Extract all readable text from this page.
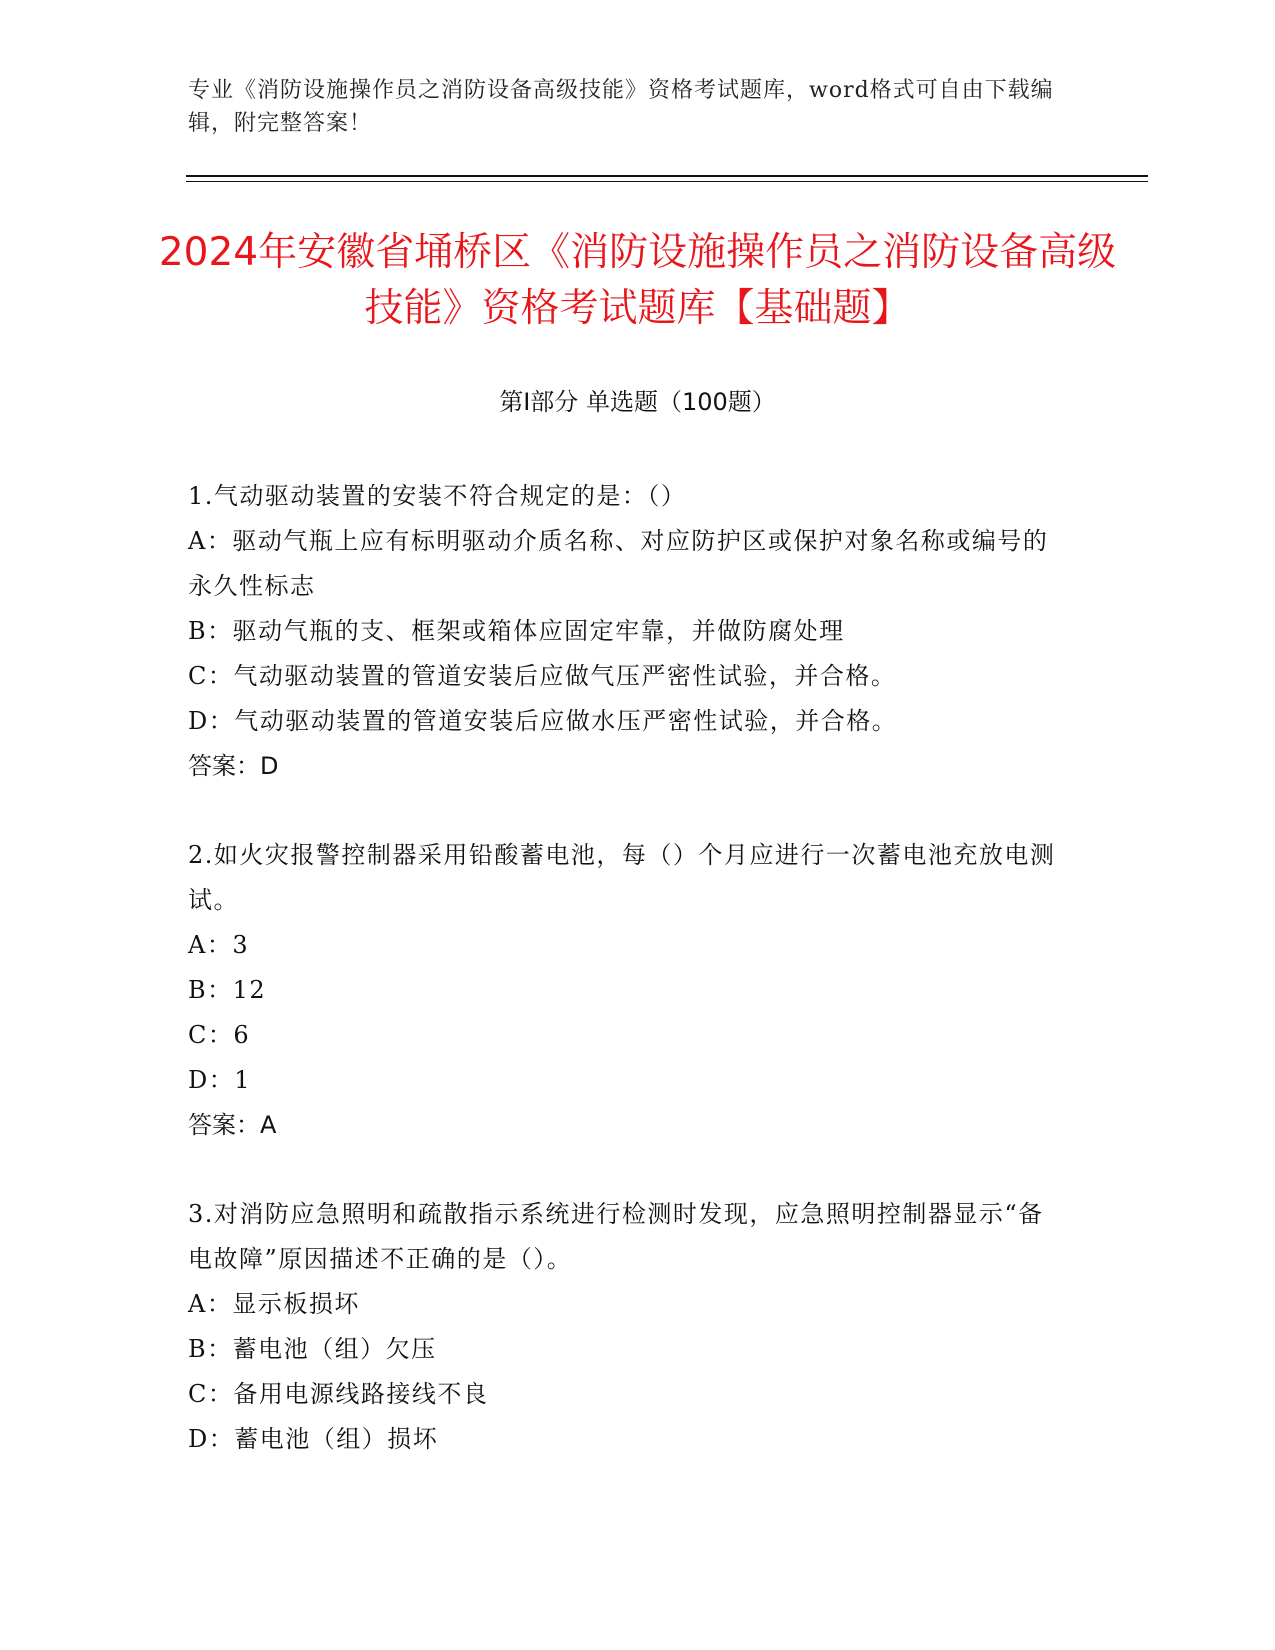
专业《消防设施操作员之消防设备高级技能》资格考试题库，word格式可自由下载编辑，附完整答案！
2024年安徽省埇桥区《消防设施操作员之消防设备高级技能》资格考试题库【基础题】
第I部分 单选题（100题）
1.气动驱动装置的安装不符合规定的是：（）
A：驱动气瓶上应有标明驱动介质名称、对应防护区或保护对象名称或编号的永久性标志
B：驱动气瓶的支、框架或箱体应固定牢靠，并做防腐处理
C：气动驱动装置的管道安装后应做气压严密性试验，并合格。
D：气动驱动装置的管道安装后应做水压严密性试验，并合格。
答案：D
2.如火灾报警控制器采用铅酸蓄电池，每（）个月应进行一次蓄电池充放电测试。
A：3
B：12
C：6
D：1
答案：A
3.对消防应急照明和疏散指示系统进行检测时发现，应急照明控制器显示“备电故障”原因描述不正确的是（）。
A：显示板损坏
B：蓄电池（组）欠压
C：备用电源线路接线不良
D：蓄电池（组）损坏
